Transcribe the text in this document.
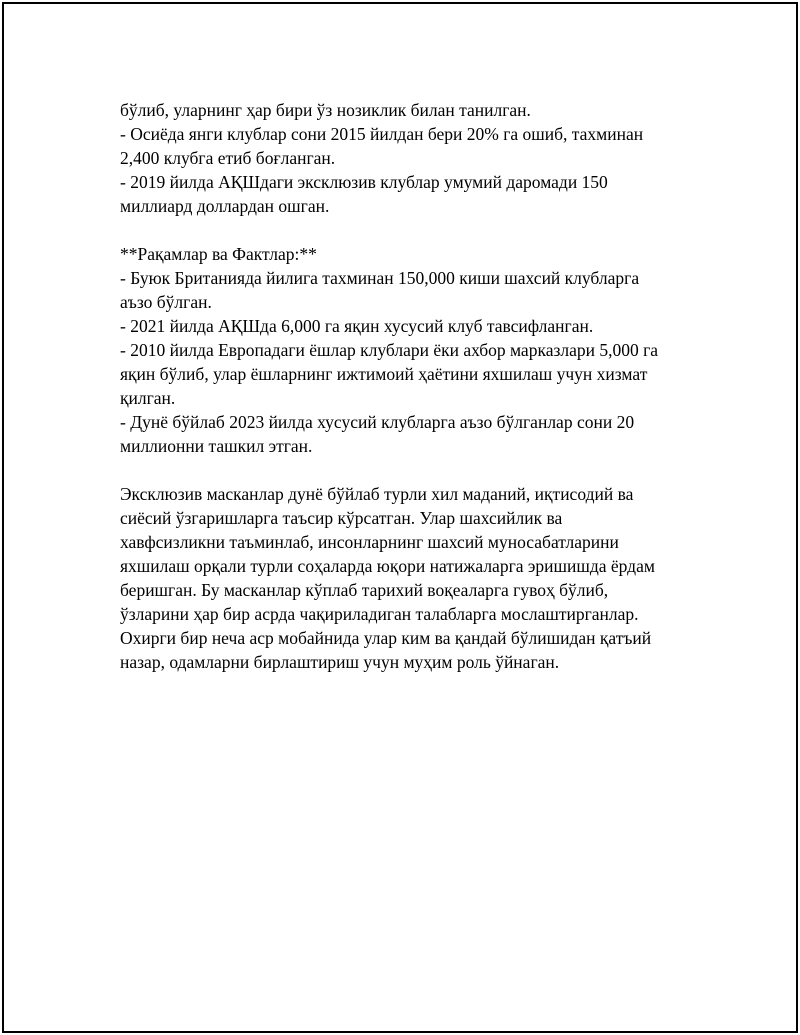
бўлиб, уларнинг ҳар бири ўз нозиклик билан танилган.
- Осиёда янги клублар сони 2015 йилдан бери 20% га ошиб, тахминан
2,400 клубга етиб боғланган.
- 2019 йилда АҚШдаги эксклюзив клублар умумий даромади 150
миллиард доллардан ошган.
**Рақамлар ва Фактлар:**
- Буюк Британияда йилига тахминан 150,000 киши шахсий клубларга
аъзо бўлган.
- 2021 йилда АҚШда 6,000 га яқин хусусий клуб тавсифланган.
- 2010 йилда Европадаги ёшлар клублари ёки ахбор марказлари 5,000 га
яқин бўлиб, улар ёшларнинг ижтимоий ҳаётини яхшилаш учун хизмат
қилган.
- Дунё бўйлаб 2023 йилда хусусий клубларга аъзо бўлганлар сони 20
миллионни ташкил этган.
Эксклюзив масканлар дунё бўйлаб турли хил маданий, иқтисодий ва
сиёсий ўзгаришларга таъсир кўрсатган. Улар шахсийлик ва
хавфсизликни таъминлаб, инсонларнинг шахсий муносабатларини
яхшилаш орқали турли соҳаларда юқори натижаларга эришишда ёрдам
беришган. Бу масканлар кўплаб тарихий воқеаларга гувоҳ бўлиб,
ўзларини ҳар бир асрда чақириладиган талабларга мослаштирганлар.
Охирги бир неча аср мобайнида улар ким ва қандай бўлишидан қатъий
назар, одамларни бирлаштириш учун муҳим роль ўйнаган.
